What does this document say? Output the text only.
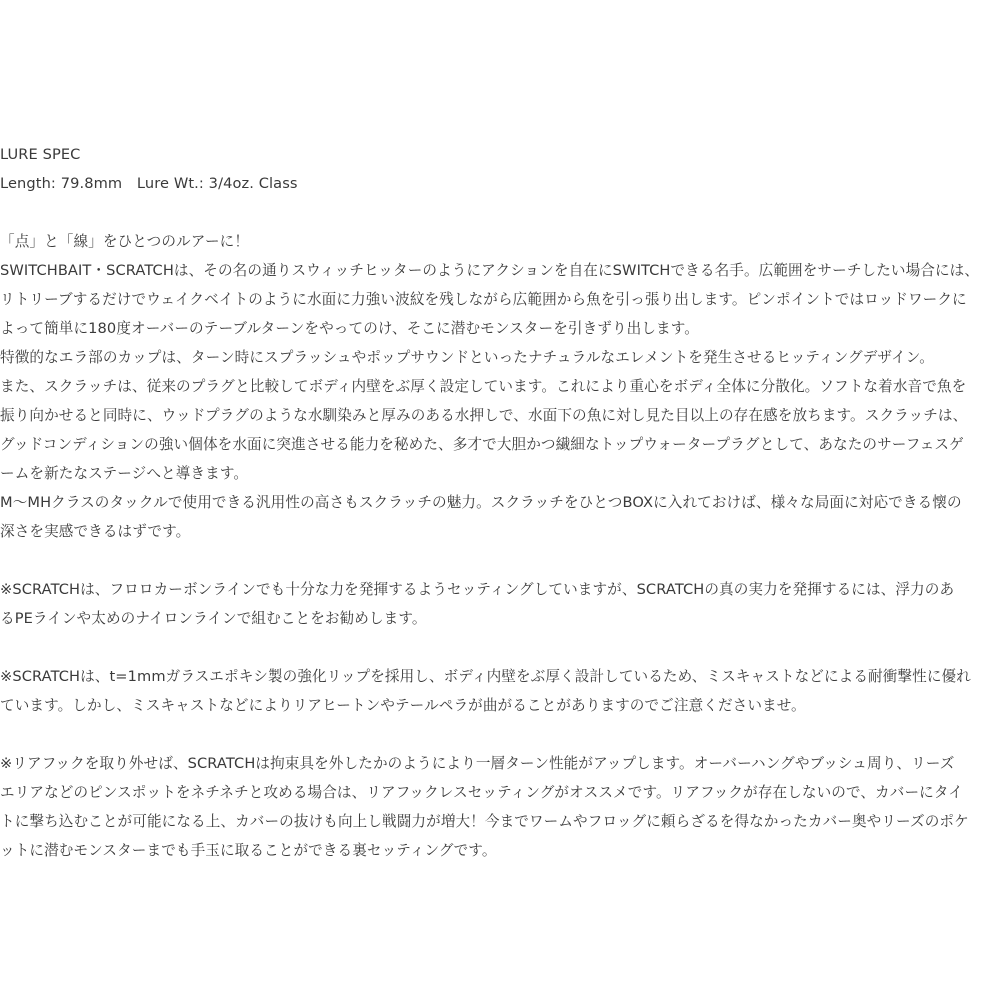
LURE SPEC
Length: 79.8mm　Lure Wt.: 3/4oz. Class
「点」と「線」をひとつのルアーに！
SWITCHBAIT・SCRATCHは、その名の通りスウィッチヒッターのようにアクションを自在にSWITCHできる名手。広範囲をサーチしたい場合には、
リトリーブするだけでウェイクベイトのように水面に力強い波紋を残しながら広範囲から魚を引っ張り出します。ピンポイントではロッドワークに
よって簡単に180度オーバーのテーブルターンをやってのけ、そこに潜むモンスターを引きずり出します。
特徴的なエラ部のカップは、ターン時にスプラッシュやポップサウンドといったナチュラルなエレメントを発生させるヒッティングデザイン。
また、スクラッチは、従来のプラグと比較してボディ内壁をぶ厚く設定しています。これにより重心をボディ全体に分散化。ソフトな着水音で魚を
振り向かせると同時に、ウッドプラグのような水馴染みと厚みのある水押しで、水面下の魚に対し見た目以上の存在感を放ちます。スクラッチは、
グッドコンディションの強い個体を水面に突進させる能力を秘めた、多才で大胆かつ繊細なトップウォータープラグとして、あなたのサーフェスゲ
ームを新たなステージへと導きます。
M～MHクラスのタックルで使用できる汎用性の高さもスクラッチの魅力。スクラッチをひとつBOXに入れておけば、様々な局面に対応できる懐の
深さを実感できるはずです。
※SCRATCHは、フロロカーボンラインでも十分な力を発揮するようセッティングしていますが、SCRATCHの真の実力を発揮するには、浮力のあ
るPEラインや太めのナイロンラインで組むことをお勧めします。
※SCRATCHは、t=1mmガラスエポキシ製の強化リップを採用し、ボディ内壁をぶ厚く設計しているため、ミスキャストなどによる耐衝撃性に優れ
ています。しかし、ミスキャストなどによりリアヒートンやテールペラが曲がることがありますのでご注意くださいませ。
※リアフックを取り外せば、SCRATCHは拘束具を外したかのようにより一層ターン性能がアップします。オーバーハングやブッシュ周り、リーズ
エリアなどのピンスポットをネチネチと攻める場合は、リアフックレスセッティングがオススメです。リアフックが存在しないので、カバーにタイ
トに撃ち込むことが可能になる上、カバーの抜けも向上し戦闘力が増大！今までワームやフロッグに頼らざるを得なかったカバー奥やリーズのポケ
ットに潜むモンスターまでも手玉に取ることができる裏セッティングです。
